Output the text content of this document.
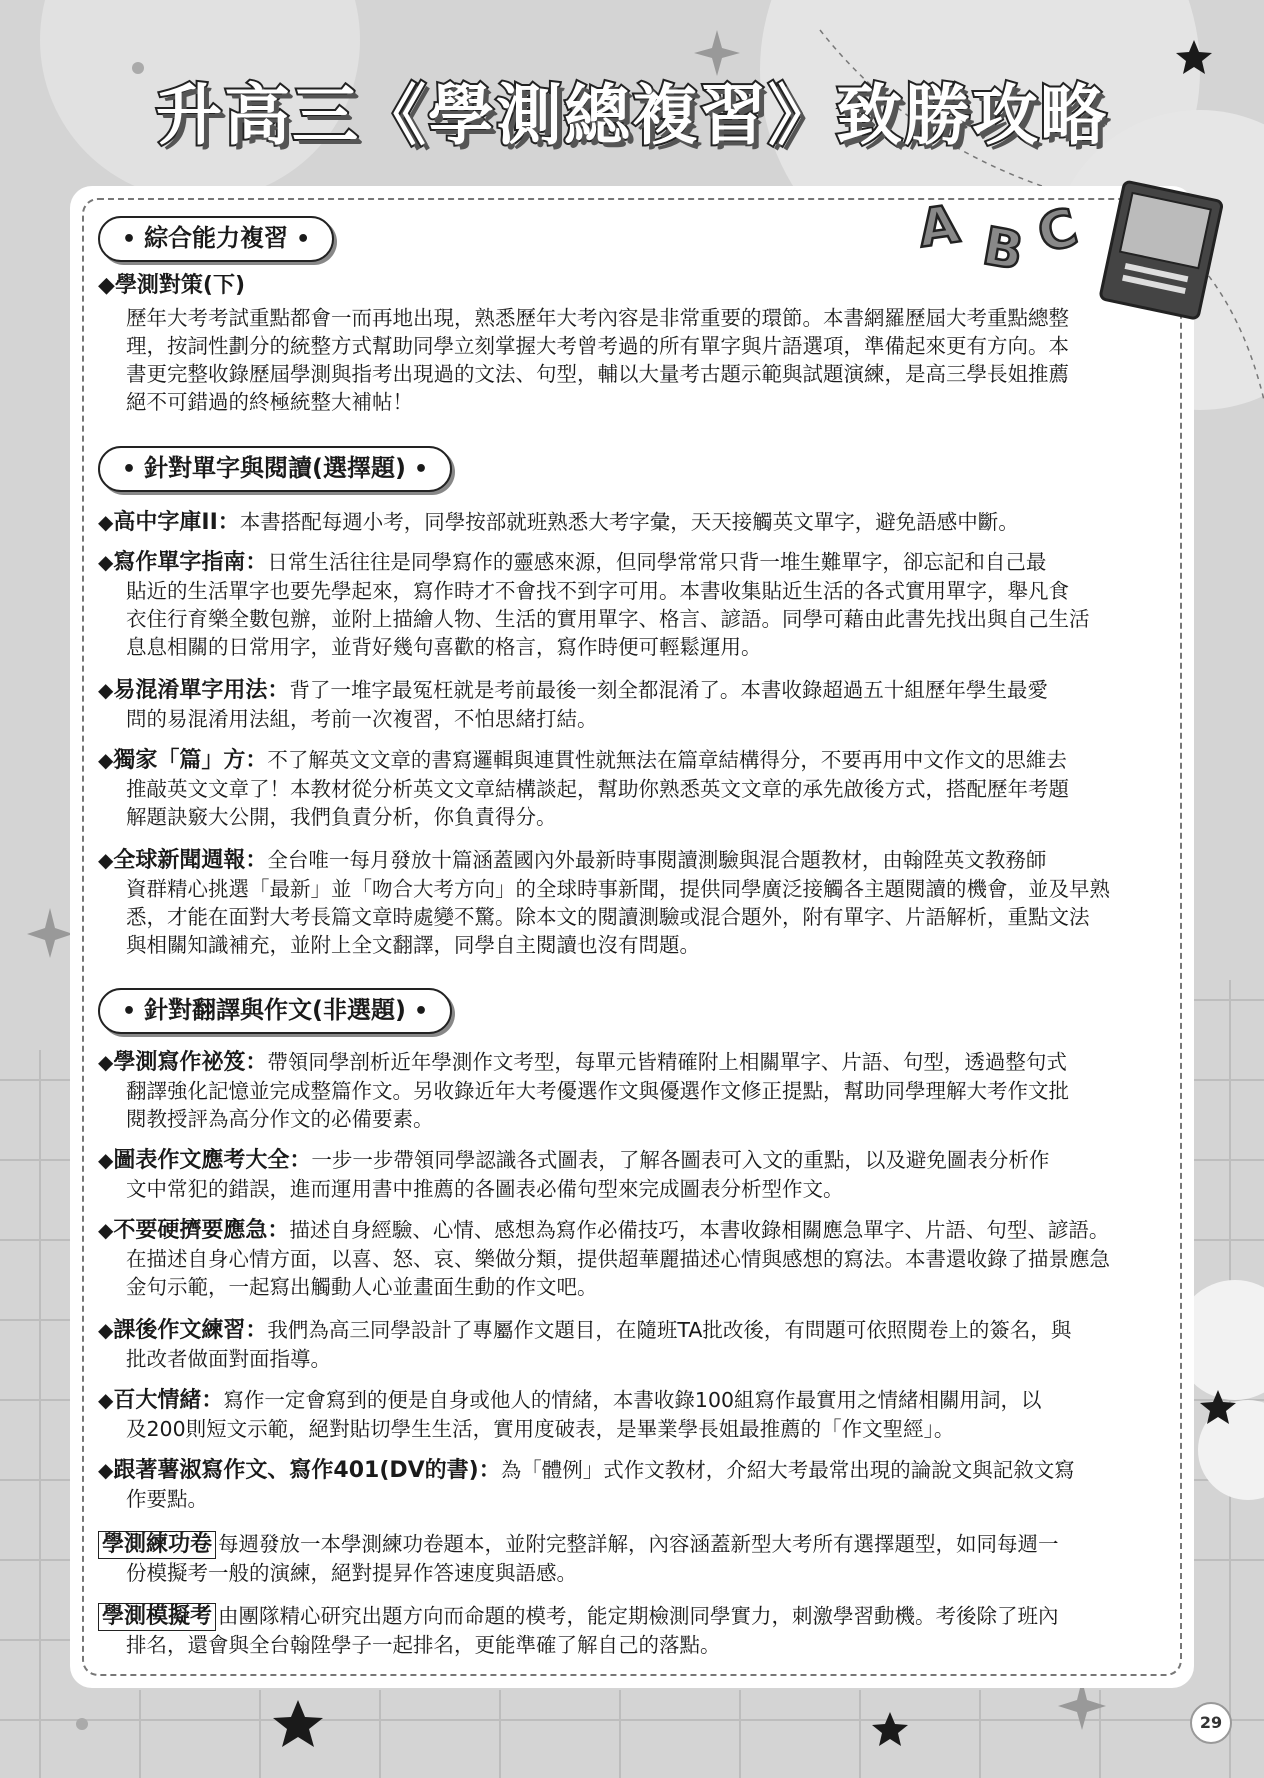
升高三《學測總複習》致勝攻略
A B C
• 綜合能力複習 •
◆學測對策(下)
歷年大考考試重點都會一而再地出現，熟悉歷年大考內容是非常重要的環節。本書網羅歷屆大考重點總整
理，按詞性劃分的統整方式幫助同學立刻掌握大考曾考過的所有單字與片語選項，準備起來更有方向。本
書更完整收錄歷屆學測與指考出現過的文法、句型，輔以大量考古題示範與試題演練，是高三學長姐推薦
絕不可錯過的終極統整大補帖！
• 針對單字與閱讀(選擇題) •
◆高中字庫II：本書搭配每週小考，同學按部就班熟悉大考字彙，天天接觸英文單字，避免語感中斷。
◆寫作單字指南：日常生活往往是同學寫作的靈感來源，但同學常常只背一堆生難單字，卻忘記和自己最
貼近的生活單字也要先學起來，寫作時才不會找不到字可用。本書收集貼近生活的各式實用單字，舉凡食
衣住行育樂全數包辦，並附上描繪人物、生活的實用單字、格言、諺語。同學可藉由此書先找出與自己生活
息息相關的日常用字，並背好幾句喜歡的格言，寫作時便可輕鬆運用。
◆易混淆單字用法：背了一堆字最冤枉就是考前最後一刻全都混淆了。本書收錄超過五十組歷年學生最愛
問的易混淆用法組，考前一次複習，不怕思緒打結。
◆獨家「篇」方：不了解英文文章的書寫邏輯與連貫性就無法在篇章結構得分，不要再用中文作文的思維去
推敲英文文章了！本教材從分析英文文章結構談起，幫助你熟悉英文文章的承先啟後方式，搭配歷年考題
解題訣竅大公開，我們負責分析，你負責得分。
◆全球新聞週報：全台唯一每月發放十篇涵蓋國內外最新時事閱讀測驗與混合題教材，由翰陞英文教務師
資群精心挑選「最新」並「吻合大考方向」的全球時事新聞，提供同學廣泛接觸各主題閱讀的機會，並及早熟
悉，才能在面對大考長篇文章時處變不驚。除本文的閱讀測驗或混合題外，附有單字、片語解析，重點文法
與相關知識補充，並附上全文翻譯，同學自主閱讀也沒有問題。
• 針對翻譯與作文(非選題) •
◆學測寫作祕笈：帶領同學剖析近年學測作文考型，每單元皆精確附上相關單字、片語、句型，透過整句式
翻譯強化記憶並完成整篇作文。另收錄近年大考優選作文與優選作文修正提點，幫助同學理解大考作文批
閱教授評為高分作文的必備要素。
◆圖表作文應考大全：一步一步帶領同學認識各式圖表，了解各圖表可入文的重點，以及避免圖表分析作
文中常犯的錯誤，進而運用書中推薦的各圖表必備句型來完成圖表分析型作文。
◆不要硬擠要應急：描述自身經驗、心情、感想為寫作必備技巧，本書收錄相關應急單字、片語、句型、諺語。
在描述自身心情方面，以喜、怒、哀、樂做分類，提供超華麗描述心情與感想的寫法。本書還收錄了描景應急
金句示範，一起寫出觸動人心並畫面生動的作文吧。
◆課後作文練習：我們為高三同學設計了專屬作文題目，在隨班TA批改後，有問題可依照閱卷上的簽名，與
批改者做面對面指導。
◆百大情緒：寫作一定會寫到的便是自身或他人的情緒，本書收錄100組寫作最實用之情緒相關用詞，以
及200則短文示範，絕對貼切學生生活，實用度破表，是畢業學長姐最推薦的「作文聖經」。
◆跟著薯淑寫作文、寫作401(DV的書)：為「體例」式作文教材，介紹大考最常出現的論說文與記敘文寫
作要點。
學測練功卷 每週發放一本學測練功卷題本，並附完整詳解，內容涵蓋新型大考所有選擇題型，如同每週一
份模擬考一般的演練，絕對提昇作答速度與語感。
學測模擬考 由團隊精心研究出題方向而命題的模考，能定期檢測同學實力，刺激學習動機。考後除了班內
排名，還會與全台翰陞學子一起排名，更能準確了解自己的落點。
29
